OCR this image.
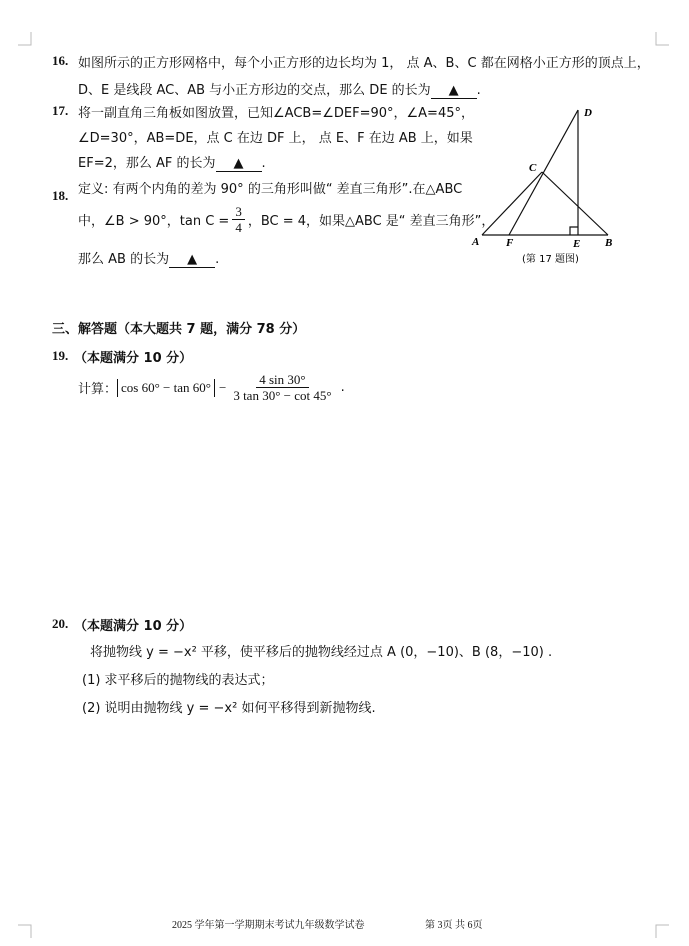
16. 如图所示的正方形网格中，每个小正方形的边长均为 1， 点 A、B、C 都在网格小正方形的顶点上，
D、E 是线段 AC、AB 与小正方形边的交点，那么 DE 的长为 ▲ .
17. 将一副直角三角板如图放置，已知∠ACB=∠DEF=90°，∠A=45°，
∠D=30°，AB=DE，点 C 在边 DF 上， 点 E、F 在边 AB 上，如果
EF=2，那么 AF 的长为 ▲ .
18. 定义: 有两个内角的差为 90° 的三角形叫做“ 差直三角形”.在△ABC
中，∠B > 90°，$\tan C = \frac{3}{4}$ ，BC = 4，如果△ABC 是“ 差直三角形”，
那么 AB 的长为 ▲ .
D
C
A F	E B
(第 17 题图)
三、解答题（本大题共 7 题，满分 78 分）
19. （本题满分 10 分）
计算： $\cos 60^\circ - \tan 60^\circ - \frac{4 \sin 30^\circ}{3 \tan 30^\circ - \cot 45^\circ}$ .
20. （本题满分 10 分）
将抛物线 y = −x² 平移，使平移后的抛物线经过点 A (0，−10)、B (8，−10) .
(1) 求平移后的抛物线的表达式；
(2) 说明由抛物线 y = −x² 如何平移得到新抛物线.
2025 学年第一学期期末考试九年级数学试卷	第 3页 共 6页
